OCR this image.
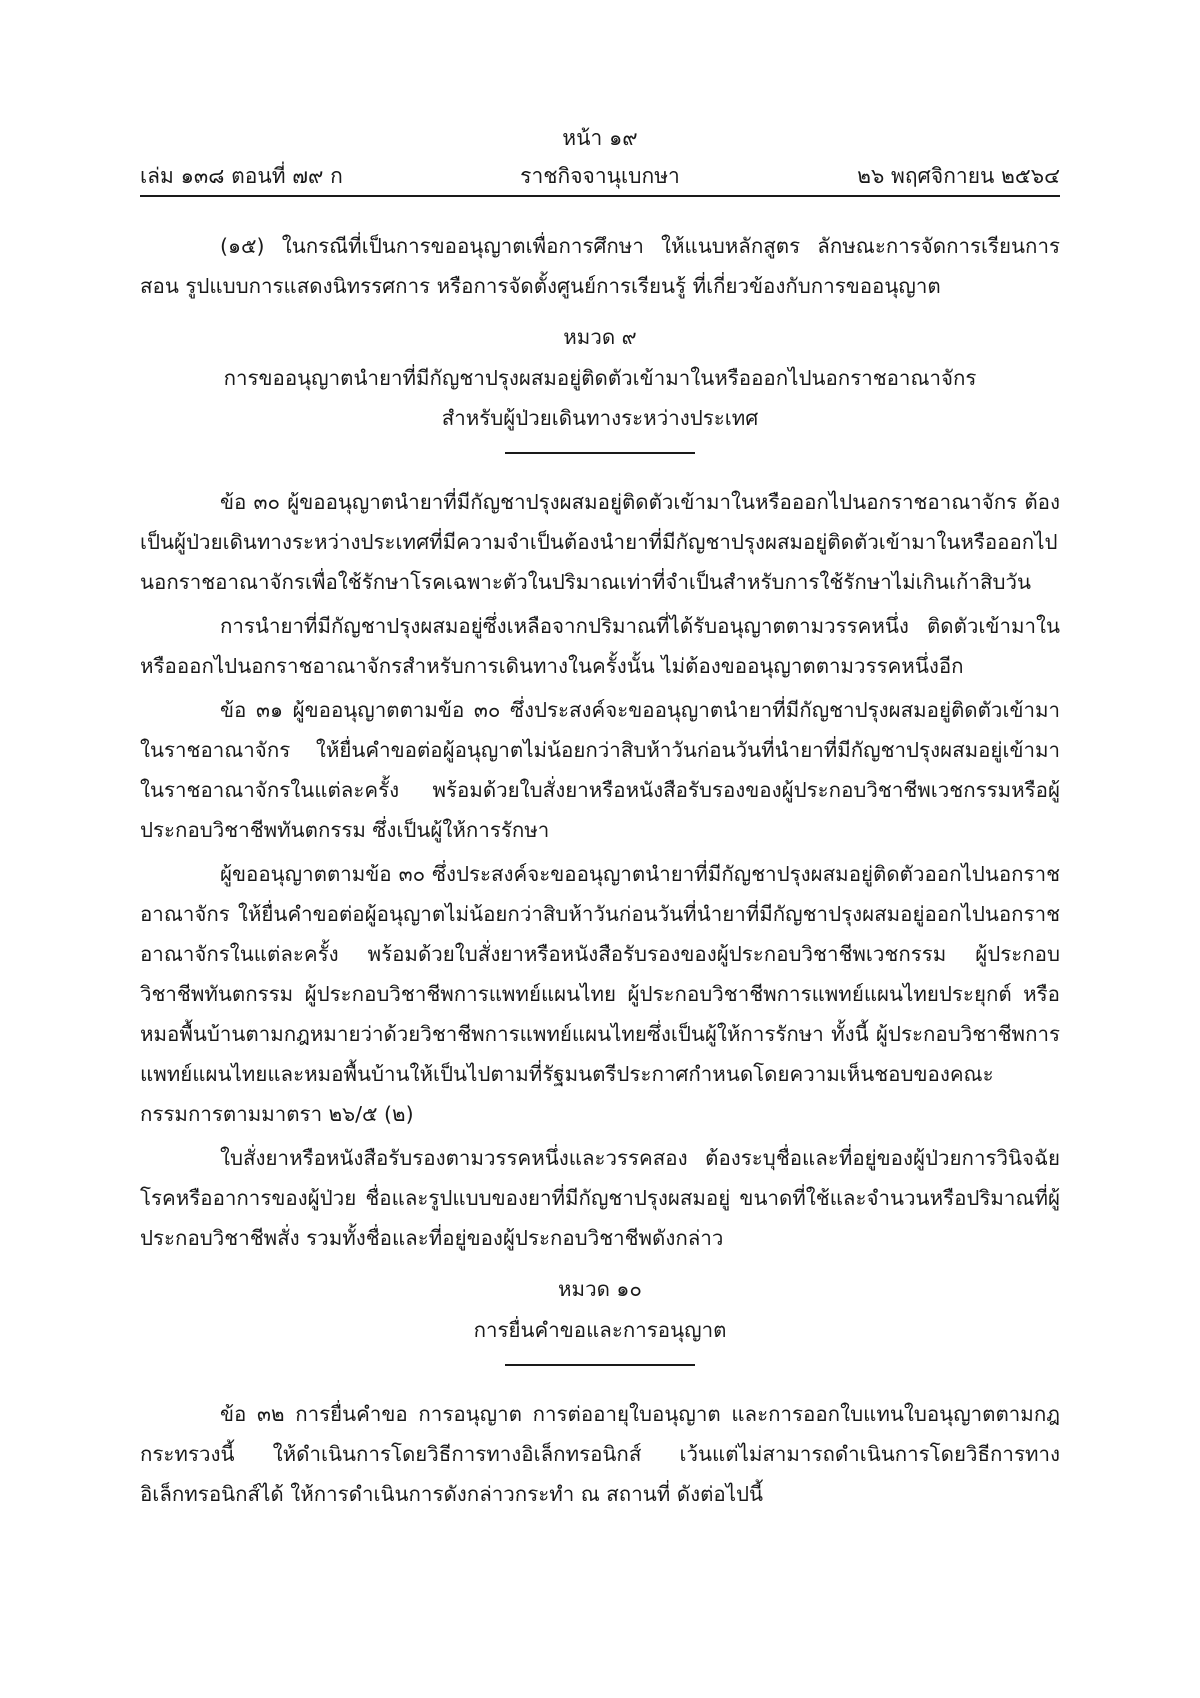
หน้า ๑๙
เล่ม ๑๓๘ ตอนที่ ๗๙ ก	ราชกิจจานุเบกษา	๒๖ พฤศจิกายน ๒๕๖๔

(๑๕) ในกรณีที่เป็นการขออนุญาตเพื่อการศึกษา ให้แนบหลักสูตร ลักษณะการจัดการเรียนการสอน รูปแบบการแสดงนิทรรศการ หรือการจัดตั้งศูนย์การเรียนรู้ ที่เกี่ยวข้องกับการขออนุญาต

หมวด ๙
การขออนุญาตนำยาที่มีกัญชาปรุงผสมอยู่ติดตัวเข้ามาในหรือออกไปนอกราชอาณาจักร
สำหรับผู้ป่วยเดินทางระหว่างประเทศ

ข้อ ๓๐ ผู้ขออนุญาตนำยาที่มีกัญชาปรุงผสมอยู่ติดตัวเข้ามาในหรือออกไปนอกราชอาณาจักร ต้องเป็นผู้ป่วยเดินทางระหว่างประเทศที่มีความจำเป็นต้องนำยาที่มีกัญชาปรุงผสมอยู่ติดตัวเข้ามาในหรือออกไปนอกราชอาณาจักรเพื่อใช้รักษาโรคเฉพาะตัวในปริมาณเท่าที่จำเป็นสำหรับการใช้รักษาไม่เกินเก้าสิบวัน

การนำยาที่มีกัญชาปรุงผสมอยู่ซึ่งเหลือจากปริมาณที่ได้รับอนุญาตตามวรรคหนึ่ง ติดตัวเข้ามาในหรือออกไปนอกราชอาณาจักรสำหรับการเดินทางในครั้งนั้น ไม่ต้องขออนุญาตตามวรรคหนึ่งอีก

ข้อ ๓๑ ผู้ขออนุญาตตามข้อ ๓๐ ซึ่งประสงค์จะขออนุญาตนำยาที่มีกัญชาปรุงผสมอยู่ติดตัวเข้ามาในราชอาณาจักร ให้ยื่นคำขอต่อผู้อนุญาตไม่น้อยกว่าสิบห้าวันก่อนวันที่นำยาที่มีกัญชาปรุงผสมอยู่เข้ามาในราชอาณาจักรในแต่ละครั้ง พร้อมด้วยใบสั่งยาหรือหนังสือรับรองของผู้ประกอบวิชาชีพเวชกรรมหรือผู้ประกอบวิชาชีพทันตกรรม ซึ่งเป็นผู้ให้การรักษา

ผู้ขออนุญาตตามข้อ ๓๐ ซึ่งประสงค์จะขออนุญาตนำยาที่มีกัญชาปรุงผสมอยู่ติดตัวออกไปนอกราชอาณาจักร ให้ยื่นคำขอต่อผู้อนุญาตไม่น้อยกว่าสิบห้าวันก่อนวันที่นำยาที่มีกัญชาปรุงผสมอยู่ออกไปนอกราชอาณาจักรในแต่ละครั้ง พร้อมด้วยใบสั่งยาหรือหนังสือรับรองของผู้ประกอบวิชาชีพเวชกรรม ผู้ประกอบวิชาชีพทันตกรรม ผู้ประกอบวิชาชีพการแพทย์แผนไทย ผู้ประกอบวิชาชีพการแพทย์แผนไทยประยุกต์ หรือหมอพื้นบ้านตามกฎหมายว่าด้วยวิชาชีพการแพทย์แผนไทยซึ่งเป็นผู้ให้การรักษา ทั้งนี้ ผู้ประกอบวิชาชีพการแพทย์แผนไทยและหมอพื้นบ้านให้เป็นไปตามที่รัฐมนตรีประกาศกำหนดโดยความเห็นชอบของคณะกรรมการตามมาตรา ๒๖/๕ (๒)

ใบสั่งยาหรือหนังสือรับรองตามวรรคหนึ่งและวรรคสอง ต้องระบุชื่อและที่อยู่ของผู้ป่วยการวินิจฉัยโรคหรืออาการของผู้ป่วย ชื่อและรูปแบบของยาที่มีกัญชาปรุงผสมอยู่ ขนาดที่ใช้และจำนวนหรือปริมาณที่ผู้ประกอบวิชาชีพสั่ง รวมทั้งชื่อและที่อยู่ของผู้ประกอบวิชาชีพดังกล่าว

หมวด ๑๐
การยื่นคำขอและการอนุญาต

ข้อ ๓๒ การยื่นคำขอ การอนุญาต การต่ออายุใบอนุญาต และการออกใบแทนใบอนุญาตตามกฎกระทรวงนี้ ให้ดำเนินการโดยวิธีการทางอิเล็กทรอนิกส์ เว้นแต่ไม่สามารถดำเนินการโดยวิธีการทางอิเล็กทรอนิกส์ได้ ให้การดำเนินการดังกล่าวกระทำ ณ สถานที่ ดังต่อไปนี้
